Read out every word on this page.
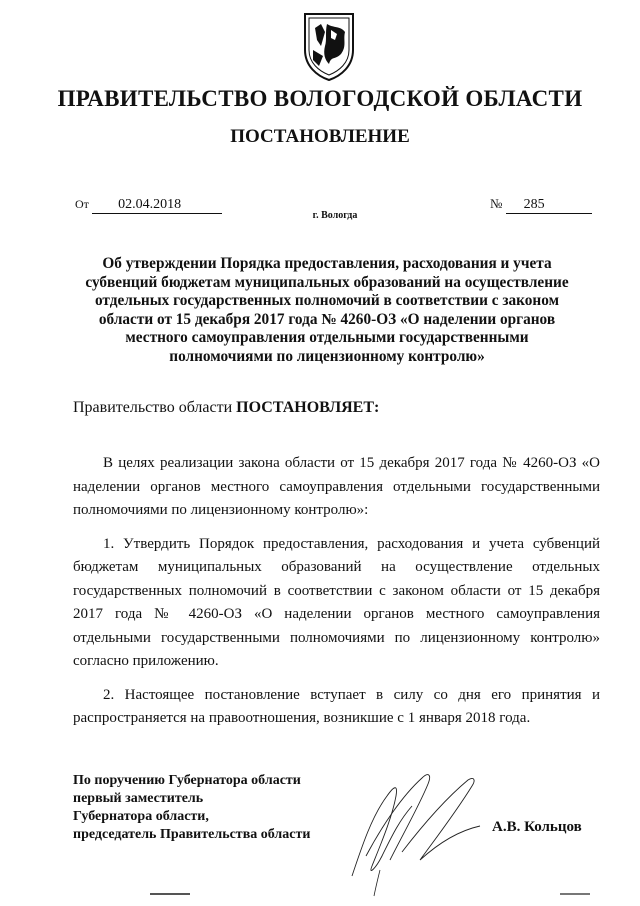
ПРАВИТЕЛЬСТВО ВОЛОГОДСКОЙ ОБЛАСТИ
ПОСТАНОВЛЕНИЕ
От 02.04.2018	№ 285
г. Вологда
Об утверждении Порядка предоставления, расходования и учета субвенций бюджетам муниципальных образований на осуществление отдельных государственных полномочий в соответствии с законом области от 15 декабря 2017 года № 4260-ОЗ «О наделении органов местного самоуправления отдельными государственными полномочиями по лицензионному контролю»
Правительство области ПОСТАНОВЛЯЕТ:

В целях реализации закона области от 15 декабря 2017 года № 4260-ОЗ «О наделении органов местного самоуправления отдельными государственными полномочиями по лицензионному контролю»:

1. Утвердить Порядок предоставления, расходования и учета субвенций бюджетам муниципальных образований на осуществление отдельных государственных полномочий в соответствии с законом области от 15 декабря 2017 года № 4260-ОЗ «О наделении органов местного самоуправления отдельными государственными полномочиями по лицензионному контролю» согласно приложению.

2. Настоящее постановление вступает в силу со дня его принятия и распространяется на правоотношения, возникшие с 1 января 2018 года.

По поручению Губернатора области
первый заместитель
Губернатора области,
председатель Правительства области	А.В. Кольцов
